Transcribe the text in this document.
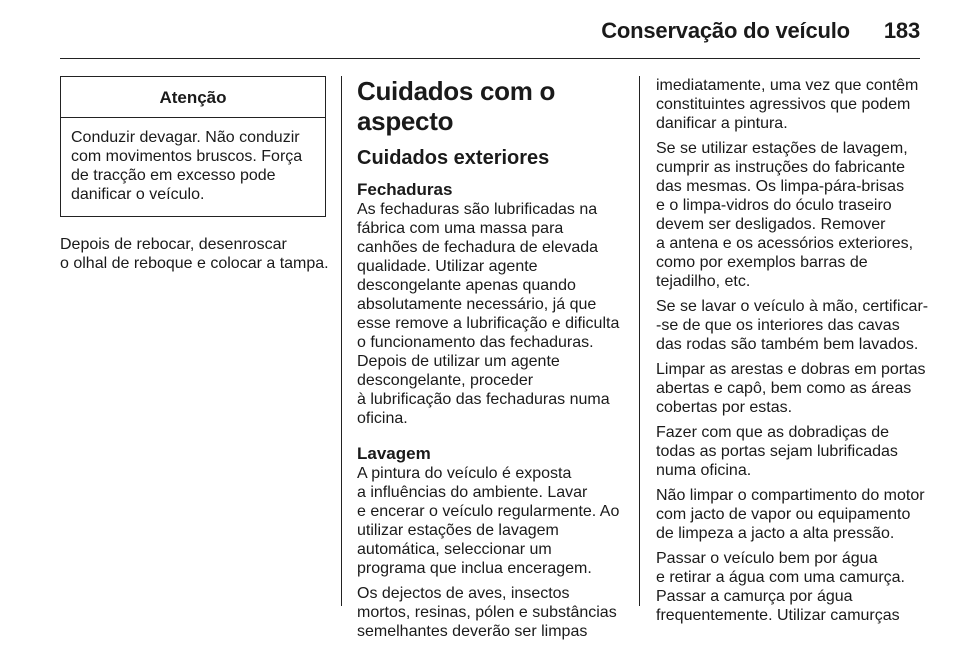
Conservação do veículo 183
Atenção
Conduzir devagar. Não conduzir
com movimentos bruscos. Força
de tracção em excesso pode
danificar o veículo.
Depois de rebocar, desenroscar
o olhal de reboque e colocar a tampa.
Cuidados com o aspecto
Cuidados exteriores
Fechaduras
As fechaduras são lubrificadas na
fábrica com uma massa para
canhões de fechadura de elevada
qualidade. Utilizar agente
descongelante apenas quando
absolutamente necessário, já que
esse remove a lubrificação e dificulta
o funcionamento das fechaduras.
Depois de utilizar um agente
descongelante, proceder
à lubrificação das fechaduras numa
oficina.
Lavagem
A pintura do veículo é exposta
a influências do ambiente. Lavar
e encerar o veículo regularmente. Ao
utilizar estações de lavagem
automática, seleccionar um
programa que inclua enceragem.
Os dejectos de aves, insectos
mortos, resinas, pólen e substâncias
semelhantes deverão ser limpas
imediatamente, uma vez que contêm
constituintes agressivos que podem
danificar a pintura.
Se se utilizar estações de lavagem,
cumprir as instruções do fabricante
das mesmas. Os limpa-pára-brisas
e o limpa-vidros do óculo traseiro
devem ser desligados. Remover
a antena e os acessórios exteriores,
como por exemplos barras de
tejadilho, etc.
Se se lavar o veículo à mão, certificar-
-se de que os interiores das cavas
das rodas são também bem lavados.
Limpar as arestas e dobras em portas
abertas e capô, bem como as áreas
cobertas por estas.
Fazer com que as dobradiças de
todas as portas sejam lubrificadas
numa oficina.
Não limpar o compartimento do motor
com jacto de vapor ou equipamento
de limpeza a jacto a alta pressão.
Passar o veículo bem por água
e retirar a água com uma camurça.
Passar a camurça por água
frequentemente. Utilizar camurças
